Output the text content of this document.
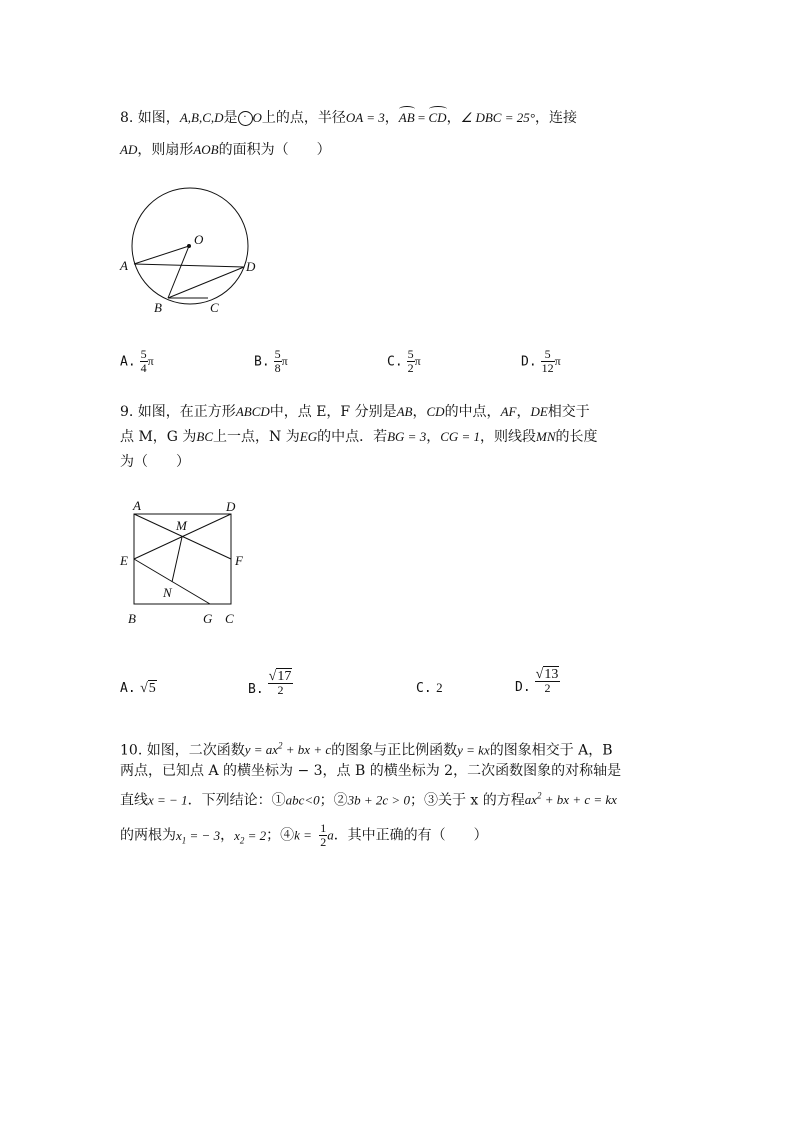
8. 如图，A,B,C,D是 · O上的点，半径OA = 3，AB = CD，∠ DBC = 25°，连接
AD，则扇形AOB的面积为（　　）
O
A	D
B	C
A. $\frac{5}{4}$ π	B. $\frac{5}{8}$ π	C. $\frac{5}{2}$ π	D. $\frac{5}{12}$ π
9. 如图，在正方形ABCD中，点 E，F 分别是AB，CD的中点，AF，DE相交于
点 M，G 为BC上一点，N 为EG的中点．若BG = 3，CG = 1，则线段MN的长度
为（　　）
A	D
M
E	F
N
B	G C
A. √5	B. $\frac{√17}{2}$	C. 2	D. $\frac{√13}{2}$
10. 如图，二次函数$y = ax^2$ + bx + c的图象与正比例函数y = kx的图象相交于 A，B
两点，已知点 A 的横坐标为 − 3，点 B 的横坐标为 2，二次函数图象的对称轴是
直线x = − 1．下列结论：①abc<0；②3b + 2c > 0；③关于 x 的方程$ax^2$ + bx + c = kx
的两根为$x_1$ = − 3，$x_2 = 2$；④k = $\frac{1}{2}$ a．其中正确的有（　　）
